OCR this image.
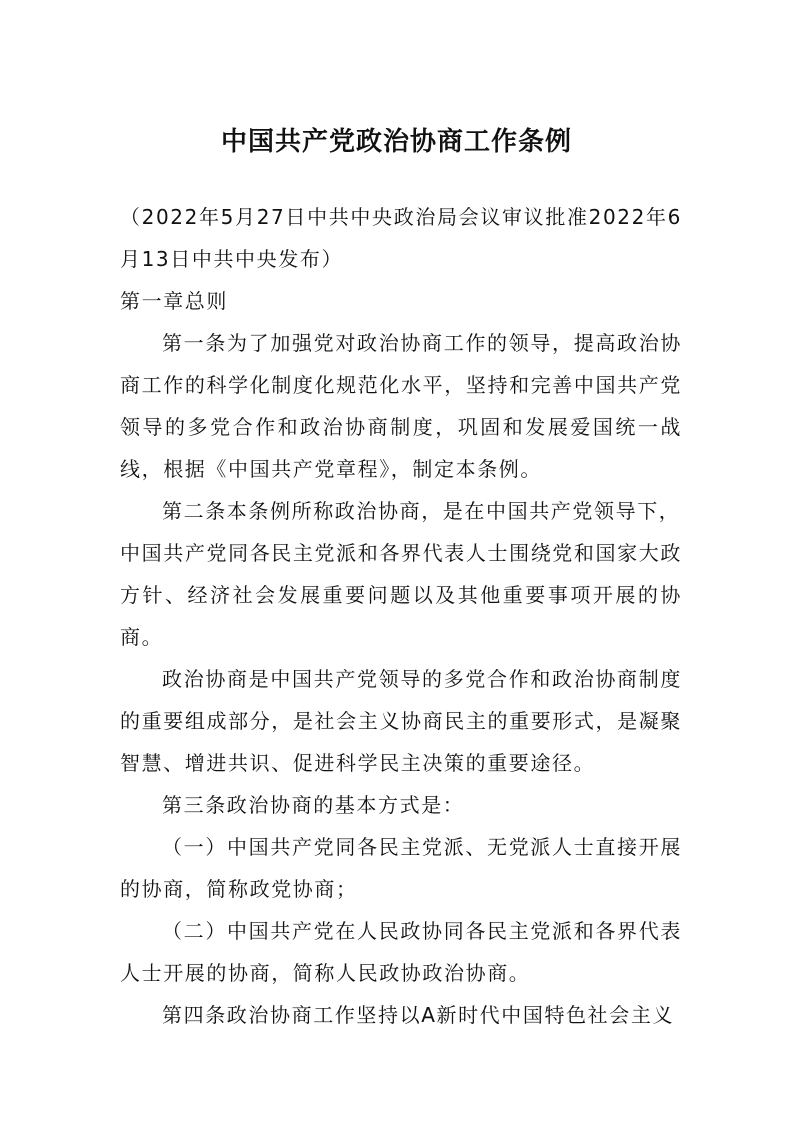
中国共产党政治协商工作条例

（2022年5月27日中共中央政治局会议审议批准2022年6月13日中共中央发布）

第一章总则

第一条为了加强党对政治协商工作的领导，提高政治协商工作的科学化制度化规范化水平，坚持和完善中国共产党领导的多党合作和政治协商制度，巩固和发展爱国统一战线，根据《中国共产党章程》，制定本条例。

第二条本条例所称政治协商，是在中国共产党领导下，

中国共产党同各民主党派和各界代表人士围绕党和国家大政方针、经济社会发展重要问题以及其他重要事项开展的协商。

政治协商是中国共产党领导的多党合作和政治协商制度的重要组成部分，是社会主义协商民主的重要形式，是凝聚智慧、增进共识、促进科学民主决策的重要途径。

第三条政治协商的基本方式是：

（一）中国共产党同各民主党派、无党派人士直接开展的协商，简称政党协商；

（二）中国共产党在人民政协同各民主党派和各界代表人士开展的协商，简称人民政协政治协商。

第四条政治协商工作坚持以A新时代中国特色社会主义
